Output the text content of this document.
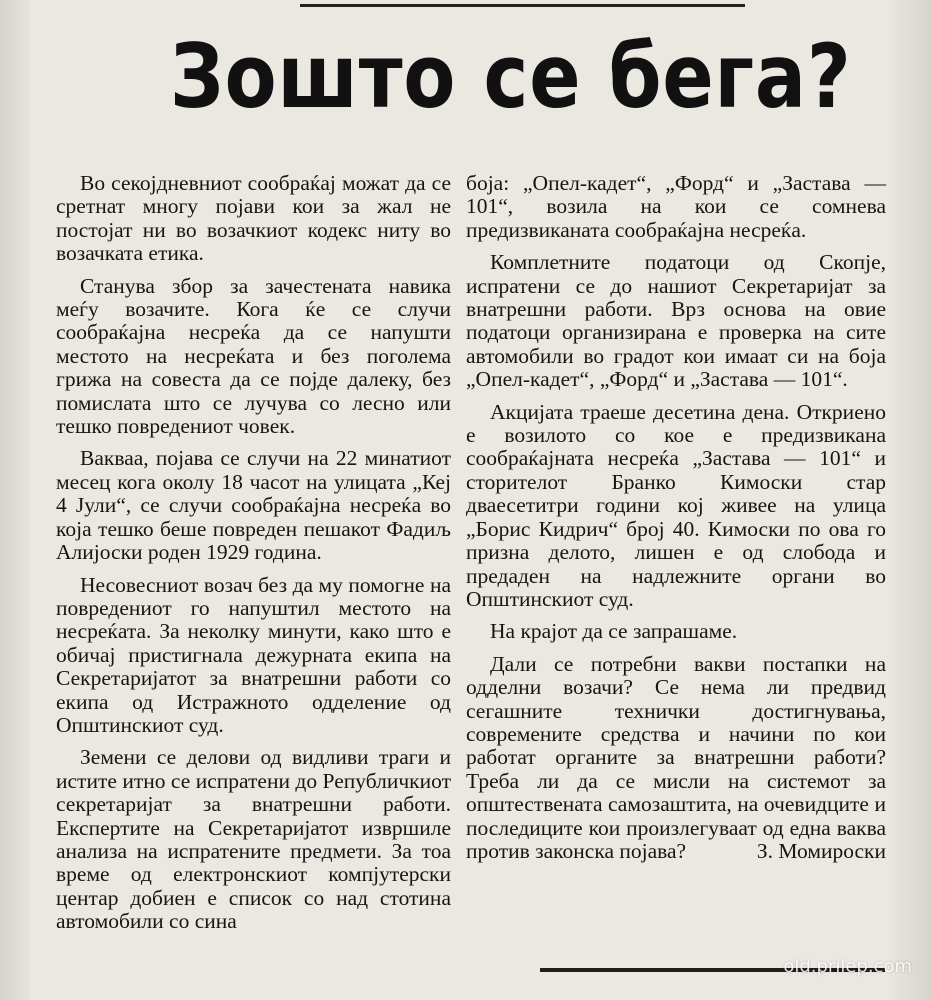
Зошто се бега?

Во секојдневниот сообраќај можат да се сретнат многу појави кои за жал не постојат ни во возачкиот кодекс ниту во возачката етика.

Станува збор за зачестената навика меѓу возачите. Кога ќе се случи сообраќајна несреќа да се напушти местото на несреќата и без поголема грижа на совеста да се појде далеку, без помислата што се лучува со лесно или тешко повредениот човек.

Вакваа, појава се случи на 22 минатиот месец кога околу 18 часот на улицата „Кеј 4 Јули“, се случи сообраќајна несреќа во која тешко беше повреден пешакот Фадиљ Алијоски роден 1929 година.

Несовесниот возач без да му помогне на повредениот го напуштил местото на несреќата. За неколку минути, како што е обичај пристигнала дежурната екипа на Секретаријатот за внатрешни работи со екипа од Истражното одделение од Општинскиот суд.

Земени се делови од видливи траги и истите итно се испратени до Републичкиот секретаријат за внатрешни работи. Експертите на Секретаријатот извршиле анализа на испратените предмети. За тоа време од електронскиот компјутерски центар добиен е список со над стотина автомобили со сина

боја: „Опел-кадет“, „Форд“ и „Застава — 101“, возила на кои се сомнева предизвиканата сообраќајна несреќа.

Комплетните податоци од Скопје, испратени се до нашиот Секретаријат за внатрешни работи. Врз основа на овие податоци организирана е проверка на сите автомобили во градот кои имаат си на боја „Опел-кадет“, „Форд“ и „Застава — 101“.

Акцијата траеше десетина дена. Откриено е возилото со кое е предизвикана сообраќајната несреќа „Застава — 101“ и сторителот Бранко Кимоски стар дваесетитри години кој живее на улица „Борис Кидрич“ број 40. Кимоски по ова го призна делото, лишен е од слобода и предаден на надлежните органи во Општинскиот суд.

На крајот да се запрашаме.

Дали се потребни вакви постапки на одделни возачи? Се нема ли предвид сегашните технички достигнувања, современите средства и начини по кои работат органите за внатрешни работи? Треба ли да се мисли на системот за општествената самозаштита, на очевидците и последиците кои произлегуваат од една ваква против законска појава?	З. Момироски

old.prilep.com
